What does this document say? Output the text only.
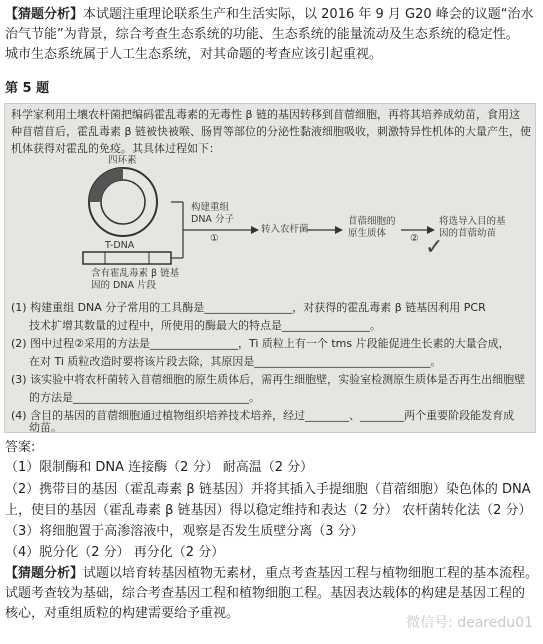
【猜题分析】本试题注重理论联系生产和生活实际，以 2016 年 9 月 G20 峰会的议题“治水
治气节能”为背景，综合考查生态系统的功能、生态系统的能量流动及生态系统的稳定性。
城市生态系统属于人工生态系统，对其命题的考查应该引起重视。
第 5 题
科学家利用土壤农杆菌把编码霍乱毒素的无毒性 β 链的基因转移到苜蓿细胞，再将其培养成幼苗，食用这
种苜蓿苜后，霍乱毒素 β 链被快被喉、肠胃等部位的分泌性黏液细胞吸收，刺激特异性机体的大量产生，使
机体获得对霍乱的免疫。其具体过程如下：
四环素
T-DNA
含有霍乱毒素 β 链基
因的 DNA 片段
构建重组
DNA 分子
①
转入农杆菌
苜蓿细胞的
原生质体	②
将选导入目的基
因的苜蓿幼苗
✓
(1) 构建重组 DNA 分子常用的工具酶是________________，对获得的霍乱毒素 β 链基因利用 PCR
技术扩增其数量的过程中，所使用的酶最大的特点是________________。
(2) 图中过程②采用的方法是________________，Ti 质粒上有一个 tms 片段能促进生长素的大量合成，
在对 Ti 质粒改造时要将该片段去除，其原因是________________________________。
(3) 该实验中将农杆菌转入苜蓿细胞的原生质体后，需再生细胞壁，实验室检测原生质体是否再生出细胞壁
的方法是________________________________。
(4) 含目的基因的苜蓿细胞通过植物组织培养技术培养，经过________、________两个重要阶段能发育成
幼苗。
答案:
（1）限制酶和 DNA 连接酶（2 分） 耐高温（2 分）
（2）携带目的基因（霍乱毒素 β 链基因）并将其插入手提细胞（苜蓿细胞）染色体的 DNA
上，使目的基因（霍乱毒素 β 链基因）得以稳定维持和表达（2 分） 农杆菌转化法（2 分）
（3）将细胞置于高渗溶液中，观察是否发生质壁分离（3 分）
（4）脱分化（2 分） 再分化（2 分）
【猜题分析】试题以培育转基因植物无素材，重点考查基因工程与植物细胞工程的基本流程。
试题考查较为基础，综合考查基因工程和植物细胞工程。基因表达载体的构建是基因工程的
核心，对重组质粒的构建需要给予重视。
微信号: dearedu01
